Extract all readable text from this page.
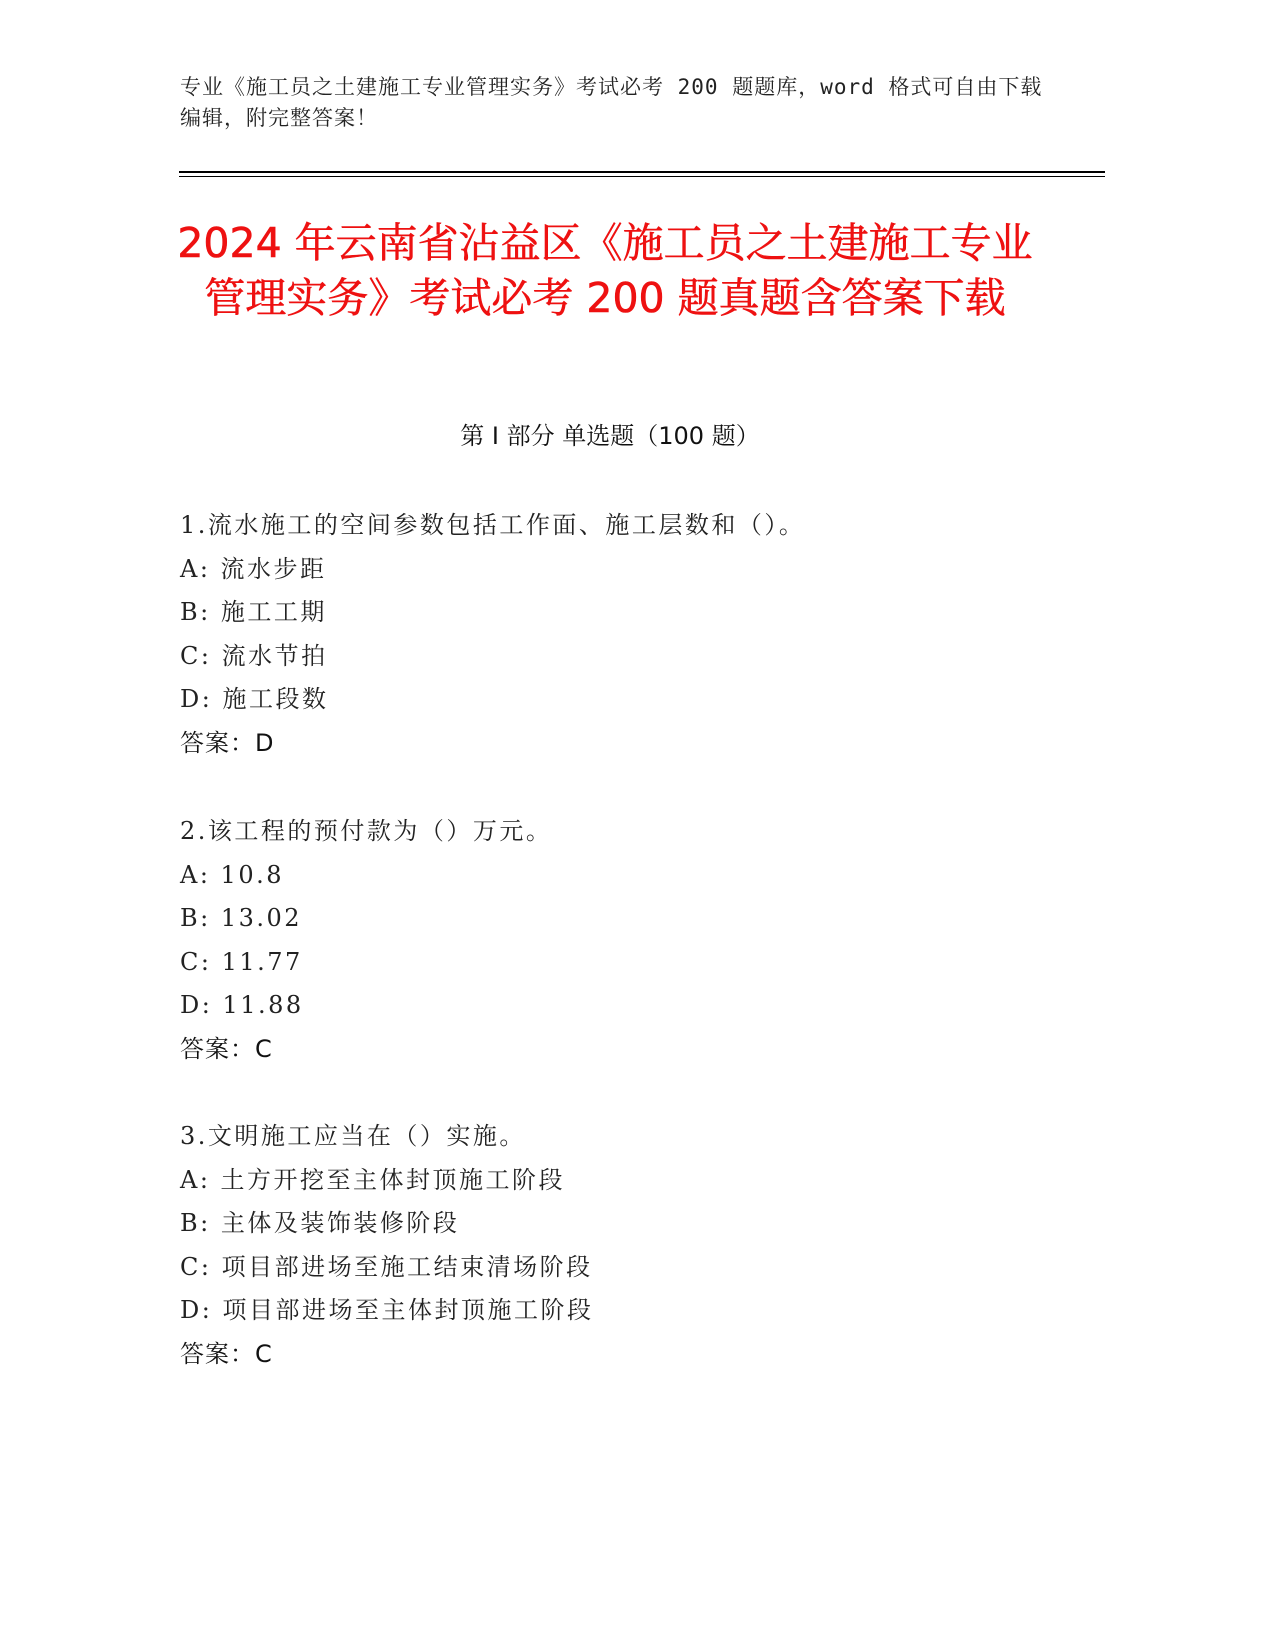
专业《施工员之土建施工专业管理实务》考试必考 200 题题库，word 格式可自由下载编辑，附完整答案！

2024 年云南省沾益区《施工员之土建施工专业管理实务》考试必考 200 题真题含答案下载
第 I 部分 单选题（100 题）
1.流水施工的空间参数包括工作面、施工层数和（）。
A: 流水步距
B: 施工工期
C: 流水节拍
D: 施工段数
答案：D
2.该工程的预付款为（）万元。
A: 10.8
B: 13.02
C: 11.77
D: 11.88
答案：C
3.文明施工应当在（）实施。
A: 土方开挖至主体封顶施工阶段
B: 主体及装饰装修阶段
C: 项目部进场至施工结束清场阶段
D: 项目部进场至主体封顶施工阶段
答案：C
